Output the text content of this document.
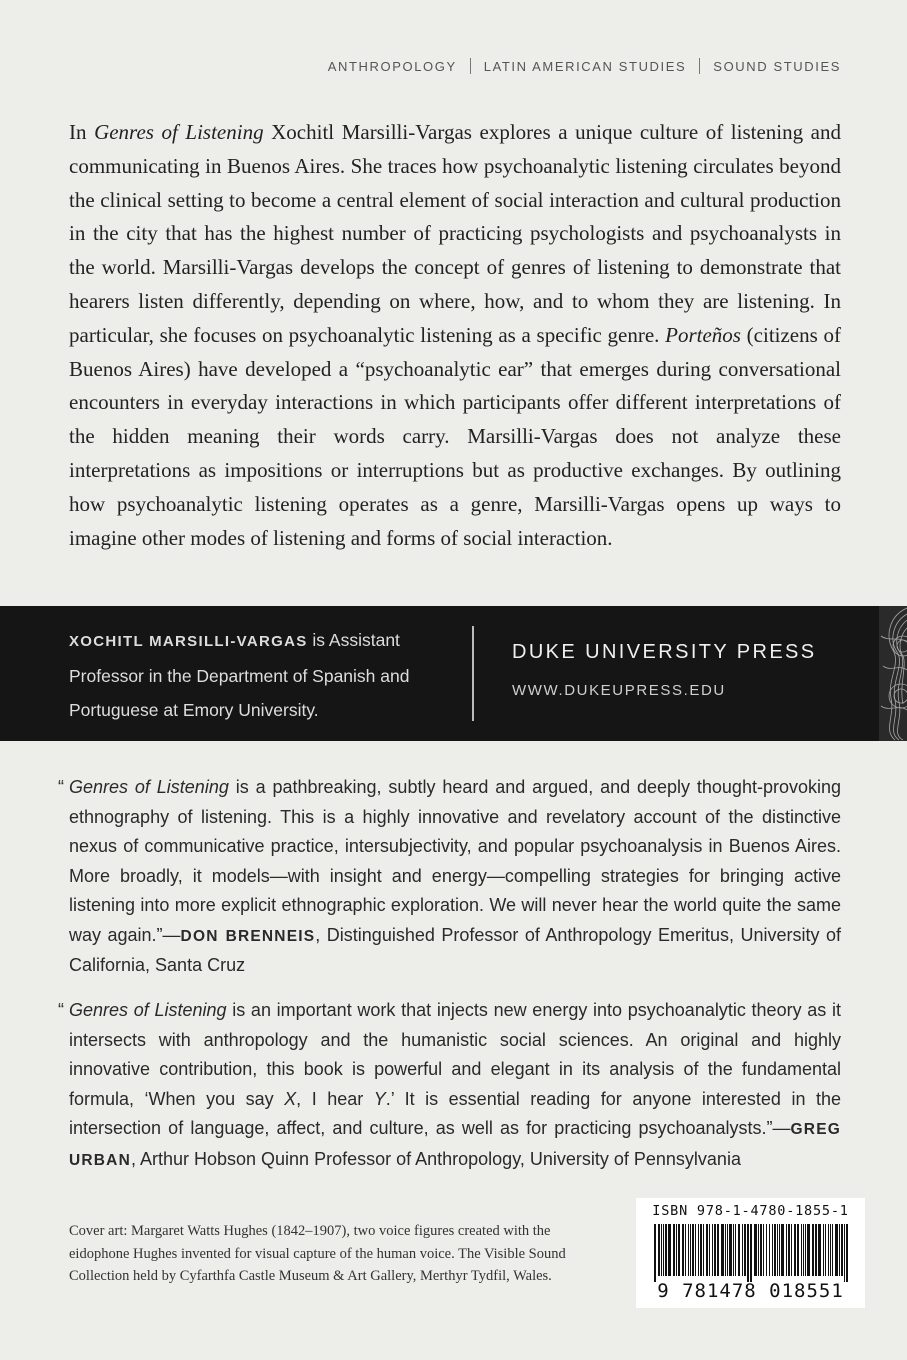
ANTHROPOLOGY LATIN AMERICAN STUDIES SOUND STUDIES

In Genres of Listening Xochitl Marsilli-Vargas explores a unique culture of listening and communicating in Buenos Aires. She traces how psychoanalytic listening circulates beyond the clinical setting to become a central element of social interaction and cultural production in the city that has the highest number of practicing psychologists and psychoanalysts in the world. Marsilli-Vargas develops the concept of genres of listening to demonstrate that hearers listen differently, depending on where, how, and to whom they are listening. In particular, she focuses on psychoanalytic listening as a specific genre. Porteños (citizens of Buenos Aires) have developed a “psychoanalytic ear” that emerges during conversational encounters in everyday interactions in which participants offer different interpretations of the hidden meaning their words carry. Marsilli-Vargas does not analyze these interpretations as impositions or interruptions but as productive exchanges. By outlining how psychoanalytic listening operates as a genre, Marsilli-Vargas opens up ways to imagine other modes of listening and forms of social interaction.

XOCHITL MARSILLI-VARGAS is Assistant Professor in the Department of Spanish and Portuguese at Emory University.
DUKE UNIVERSITY PRESS
WWW.DUKEUPRESS.EDU

“ Genres of Listening is a pathbreaking, subtly heard and argued, and deeply thought-provoking ethnography of listening. This is a highly innovative and revelatory account of the distinctive nexus of communicative practice, intersubjectivity, and popular psychoanalysis in Buenos Aires. More broadly, it models—with insight and energy—compelling strategies for bringing active listening into more explicit ethnographic exploration. We will never hear the world quite the same way again.”—DON BRENNEIS, Distinguished Professor of Anthropology Emeritus, University of California, Santa Cruz

“ Genres of Listening is an important work that injects new energy into psychoanalytic theory as it intersects with anthropology and the humanistic social sciences. An original and highly innovative contribution, this book is powerful and elegant in its analysis of the fundamental formula, ‘When you say X, I hear Y.’ It is essential reading for anyone interested in the intersection of language, affect, and culture, as well as for practicing psychoanalysts.”—GREG URBAN, Arthur Hobson Quinn Professor of Anthropology, University of Pennsylvania

Cover art: Margaret Watts Hughes (1842–1907), two voice figures created with the eidophone Hughes invented for visual capture of the human voice. The Visible Sound Collection held by Cyfarthfa Castle Museum & Art Gallery, Merthyr Tydfil, Wales.

ISBN 978-1-4780-1855-1
9 781478 018551
